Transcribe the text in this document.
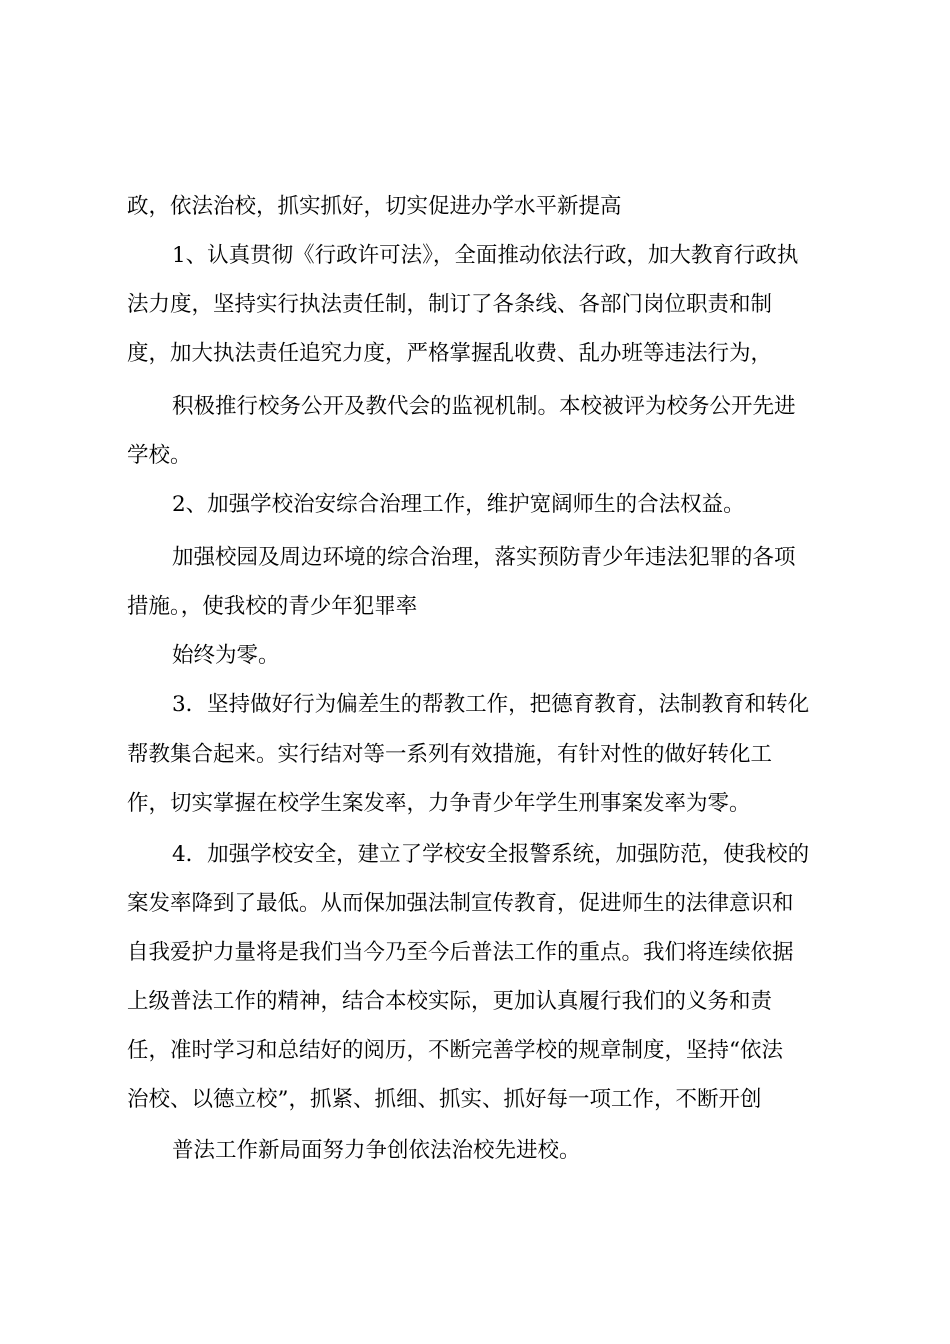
政，依法治校，抓实抓好，切实促进办学水平新提高
1、认真贯彻《行政许可法》，全面推动依法行政，加大教育行政执
法力度，坚持实行执法责任制，制订了各条线、各部门岗位职责和制
度，加大执法责任追究力度，严格掌握乱收费、乱办班等违法行为，
积极推行校务公开及教代会的监视机制。本校被评为校务公开先进
学校。
2、加强学校治安综合治理工作，维护宽阔师生的合法权益。
加强校园及周边环境的综合治理，落实预防青少年违法犯罪的各项
措施。，使我校的青少年犯罪率
始终为零。
3．坚持做好行为偏差生的帮教工作，把德育教育，法制教育和转化
帮教集合起来。实行结对等一系列有效措施，有针对性的做好转化工
作，切实掌握在校学生案发率，力争青少年学生刑事案发率为零。
4．加强学校安全，建立了学校安全报警系统，加强防范，使我校的
案发率降到了最低。从而保加强法制宣传教育，促进师生的法律意识和
自我爱护力量将是我们当今乃至今后普法工作的重点。我们将连续依据
上级普法工作的精神，结合本校实际，更加认真履行我们的义务和责
任，准时学习和总结好的阅历，不断完善学校的规章制度，坚持“依法
治校、以德立校”，抓紧、抓细、抓实、抓好每一项工作，不断开创
普法工作新局面努力争创依法治校先进校。
